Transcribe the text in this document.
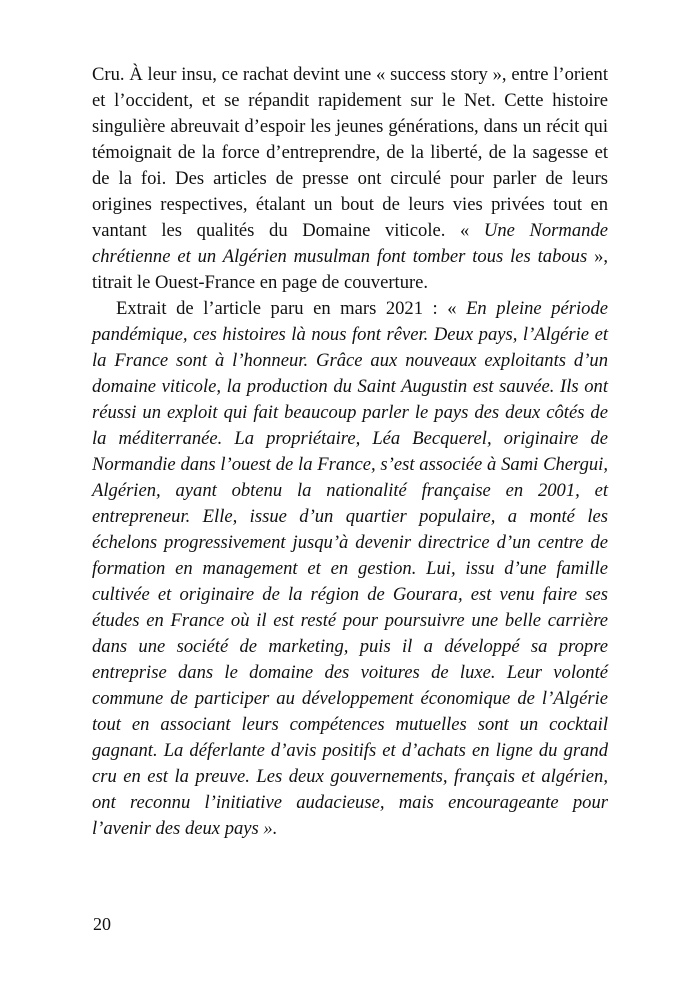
Cru. À leur insu, ce rachat devint une « success story », entre l’orient et l’occident, et se répandit rapidement sur le Net. Cette histoire singulière abreuvait d’espoir les jeunes générations, dans un récit qui témoignait de la force d’entreprendre, de la liberté, de la sagesse et de la foi. Des articles de presse ont circulé pour parler de leurs origines respectives, étalant un bout de leurs vies privées tout en vantant les qualités du Domaine viticole. « Une Normande chrétienne et un Algérien musulman font tomber tous les tabous », titrait le Ouest-France en page de couverture.

Extrait de l’article paru en mars 2021 : « En pleine période pandémique, ces histoires là nous font rêver. Deux pays, l’Algérie et la France sont à l’honneur. Grâce aux nouveaux exploitants d’un domaine viticole, la production du Saint Augustin est sauvée. Ils ont réussi un exploit qui fait beaucoup parler le pays des deux côtés de la méditerranée. La propriétaire, Léa Becquerel, originaire de Normandie dans l’ouest de la France, s’est associée à Sami Chergui, Algérien, ayant obtenu la nationalité française en 2001, et entrepreneur. Elle, issue d’un quartier populaire, a monté les échelons progressivement jusqu’à devenir directrice d’un centre de formation en management et en gestion. Lui, issu d’une famille cultivée et originaire de la région de Gourara, est venu faire ses études en France où il est resté pour poursuivre une belle carrière dans une société de marketing, puis il a développé sa propre entreprise dans le domaine des voitures de luxe. Leur volonté commune de participer au développement économique de l’Algérie tout en associant leurs compétences mutuelles sont un cocktail gagnant. La déferlante d’avis positifs et d’achats en ligne du grand cru en est la preuve. Les deux gouvernements, français et algérien, ont reconnu l’initiative audacieuse, mais encourageante pour l’avenir des deux pays ».

20
